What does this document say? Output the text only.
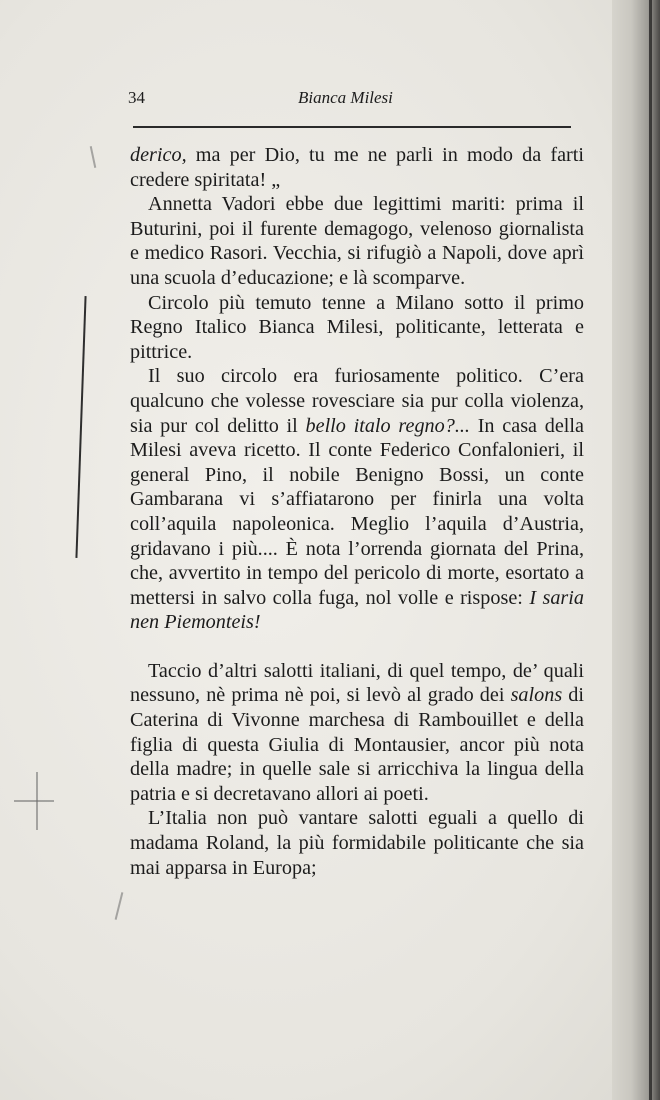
34	Bianca Milesi

derico, ma per Dio, tu me ne parli in modo da farti credere spiritata! „

Annetta Vadori ebbe due legittimi mariti: prima il Buturini, poi il furente demagogo, velenoso giornalista e medico Rasori. Vecchia, si rifugiò a Napoli, dove aprì una scuola d’educazione; e là scomparve.

Circolo più temuto tenne a Milano sotto il primo Regno Italico Bianca Milesi, politicante, letterata e pittrice.

Il suo circolo era furiosamente politico. C’era qualcuno che volesse rovesciare sia pur colla violenza, sia pur col delitto il bello italo regno?... In casa della Milesi aveva ricetto. Il conte Federico Confalonieri, il general Pino, il nobile Benigno Bossi, un conte Gambarana vi s’affiatarono per finirla una volta coll’aquila napoleonica. Meglio l’aquila d’Austria, gridavano i più.... È nota l’orrenda giornata del Prina, che, avvertito in tempo del pericolo di morte, esortato a mettersi in salvo colla fuga, nol volle e rispose: I saria nen Piemonteis!

Taccio d’altri salotti italiani, di quel tempo, de’ quali nessuno, nè prima nè poi, si levò al grado dei salons di Caterina di Vivonne marchesa di Rambouillet e della figlia di questa Giulia di Montausier, ancor più nota della madre; in quelle sale si arricchiva la lingua della patria e si decretavano allori ai poeti.

L’Italia non può vantare salotti eguali a quello di madama Roland, la più formidabile politicante che sia mai apparsa in Europa;
